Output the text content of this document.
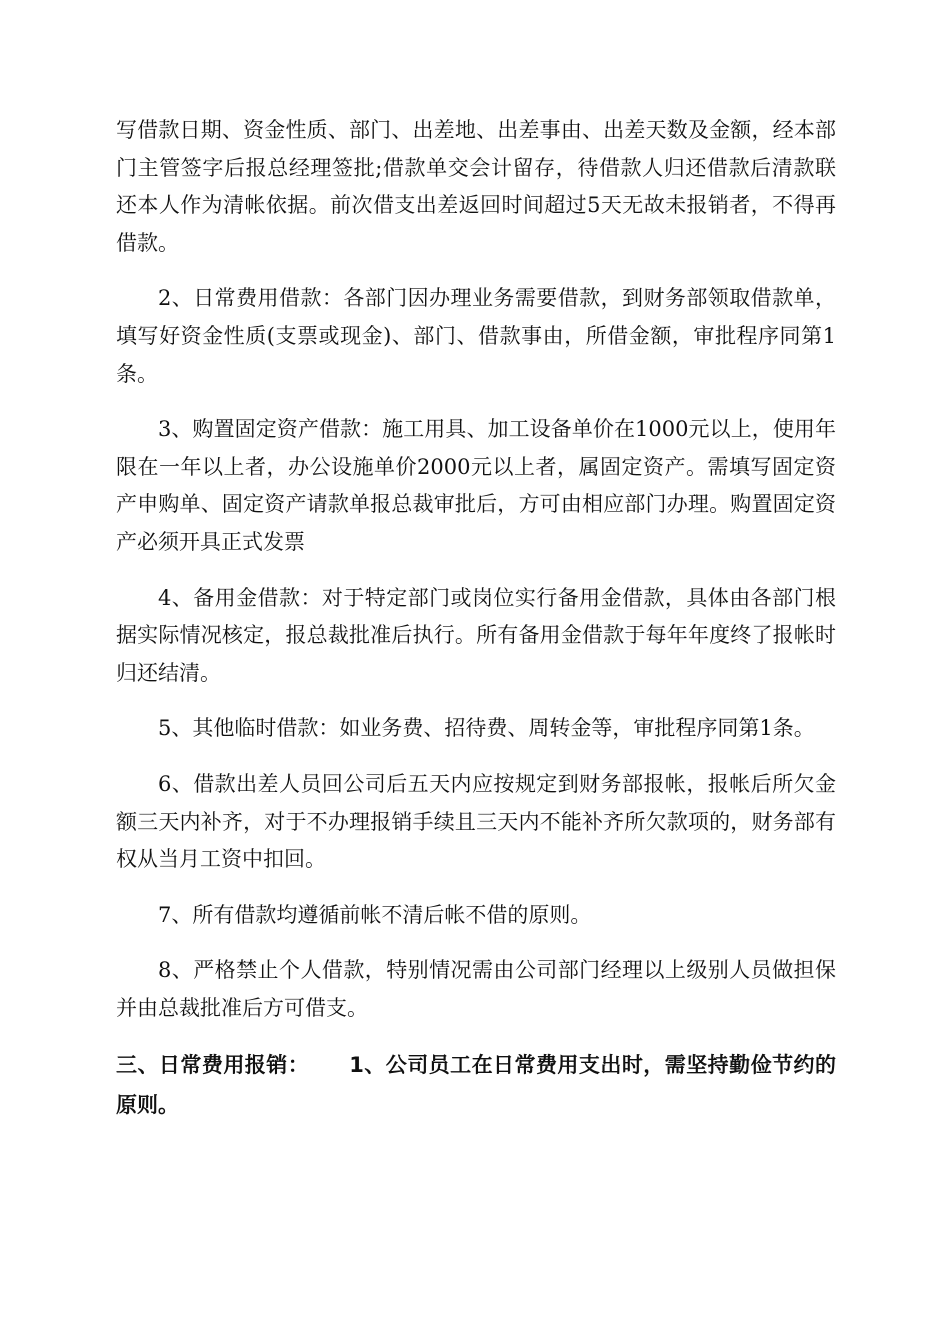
写借款日期、资金性质、部门、出差地、出差事由、出差天数及金额，经本部门主管签字后报总经理签批;借款单交会计留存，待借款人归还借款后清款联还本人作为清帐依据。前次借支出差返回时间超过5天无故未报销者，不得再借款。

2、日常费用借款：各部门因办理业务需要借款，到财务部领取借款单，填写好资金性质(支票或现金)、部门、借款事由，所借金额，审批程序同第1条。

3、购置固定资产借款：施工用具、加工设备单价在1000元以上，使用年限在一年以上者，办公设施单价2000元以上者，属固定资产。需填写固定资产申购单、固定资产请款单报总裁审批后，方可由相应部门办理。购置固定资产必须开具正式发票

4、备用金借款：对于特定部门或岗位实行备用金借款，具体由各部门根据实际情况核定，报总裁批准后执行。所有备用金借款于每年年度终了报帐时归还结清。

5、其他临时借款：如业务费、招待费、周转金等，审批程序同第1条。

6、借款出差人员回公司后五天内应按规定到财务部报帐，报帐后所欠金额三天内补齐，对于不办理报销手续且三天内不能补齐所欠款项的，财务部有权从当月工资中扣回。

7、所有借款均遵循前帐不清后帐不借的原则。

8、严格禁止个人借款，特别情况需由公司部门经理以上级别人员做担保并由总裁批准后方可借支。

三、日常费用报销： 1、公司员工在日常费用支出时，需坚持勤俭节约的原则。
